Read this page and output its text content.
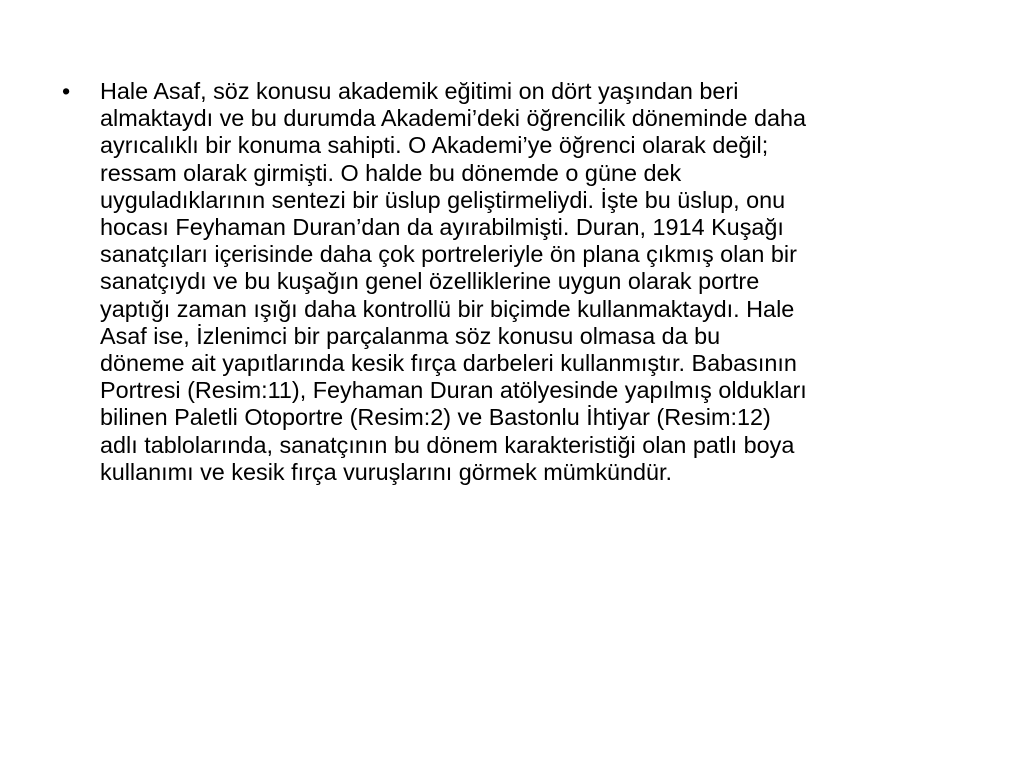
•	Hale Asaf, söz konusu akademik eğitimi on dört yaşından beri
almaktaydı ve bu durumda Akademi’deki öğrencilik döneminde daha
ayrıcalıklı bir konuma sahipti. O Akademi’ye öğrenci olarak değil;
ressam olarak girmişti. O halde bu dönemde o güne dek
uyguladıklarının sentezi bir üslup geliştirmeliydi. İşte bu üslup, onu
hocası Feyhaman Duran’dan da ayırabilmişti. Duran, 1914 Kuşağı
sanatçıları içerisinde daha çok portreleriyle ön plana çıkmış olan bir
sanatçıydı ve bu kuşağın genel özelliklerine uygun olarak portre
yaptığı zaman ışığı daha kontrollü bir biçimde kullanmaktaydı. Hale
Asaf ise, İzlenimci bir parçalanma söz konusu olmasa da bu
döneme ait yapıtlarında kesik fırça darbeleri kullanmıştır. Babasının
Portresi (Resim:11), Feyhaman Duran atölyesinde yapılmış oldukları
bilinen Paletli Otoportre (Resim:2) ve Bastonlu İhtiyar (Resim:12)
adlı tablolarında, sanatçının bu dönem karakteristiği olan patlı boya
kullanımı ve kesik fırça vuruşlarını görmek mümkündür.
